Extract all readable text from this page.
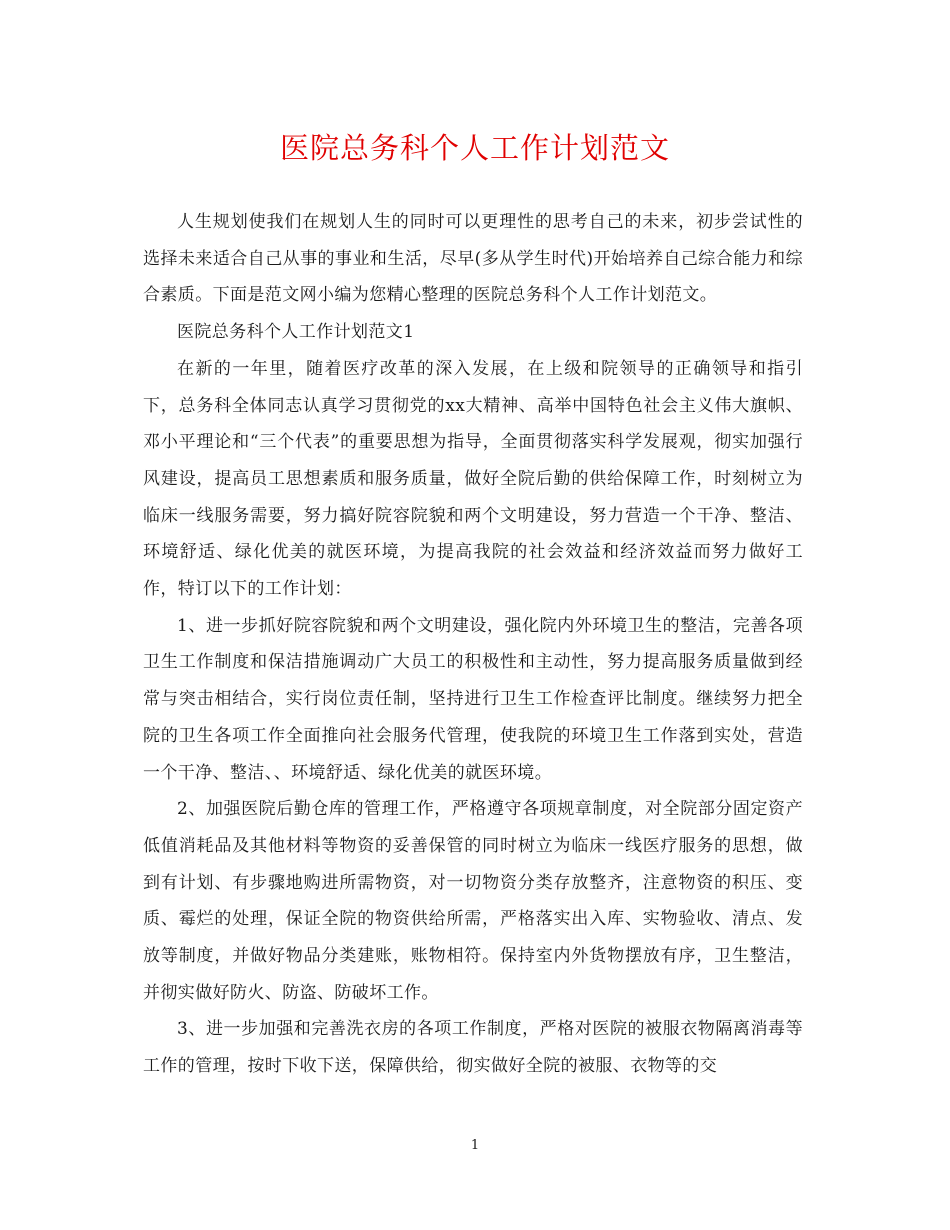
医院总务科个人工作计划范文

人生规划使我们在规划人生的同时可以更理性的思考自己的未来，初步尝试性的选择未来适合自己从事的事业和生活，尽早(多从学生时代)开始培养自己综合能力和综合素质。下面是范文网小编为您精心整理的医院总务科个人工作计划范文。

医院总务科个人工作计划范文1

在新的一年里，随着医疗改革的深入发展，在上级和院领导的正确领导和指引下，总务科全体同志认真学习贯彻党的xx大精神、高举中国特色社会主义伟大旗帜、邓小平理论和“三个代表”的重要思想为指导，全面贯彻落实科学发展观，彻实加强行风建设，提高员工思想素质和服务质量，做好全院后勤的供给保障工作，时刻树立为临床一线服务需要，努力搞好院容院貌和两个文明建设，努力营造一个干净、整洁、环境舒适、绿化优美的就医环境，为提高我院的社会效益和经济效益而努力做好工作，特订以下的工作计划：

1、进一步抓好院容院貌和两个文明建设，强化院内外环境卫生的整洁，完善各项卫生工作制度和保洁措施调动广大员工的积极性和主动性，努力提高服务质量做到经常与突击相结合，实行岗位责任制，坚持进行卫生工作检查评比制度。继续努力把全院的卫生各项工作全面推向社会服务代管理，使我院的环境卫生工作落到实处，营造一个干净、整洁、、环境舒适、绿化优美的就医环境。

2、加强医院后勤仓库的管理工作，严格遵守各项规章制度，对全院部分固定资产低值消耗品及其他材料等物资的妥善保管的同时树立为临床一线医疗服务的思想，做到有计划、有步骤地购进所需物资，对一切物资分类存放整齐，注意物资的积压、变质、霉烂的处理，保证全院的物资供给所需，严格落实出入库、实物验收、清点、发放等制度，并做好物品分类建账，账物相符。保持室内外货物摆放有序，卫生整洁，并彻实做好防火、防盗、防破坏工作。

3、进一步加强和完善洗衣房的各项工作制度，严格对医院的被服衣物隔离消毒等工作的管理，按时下收下送，保障供给，彻实做好全院的被服、衣物等的交

1
